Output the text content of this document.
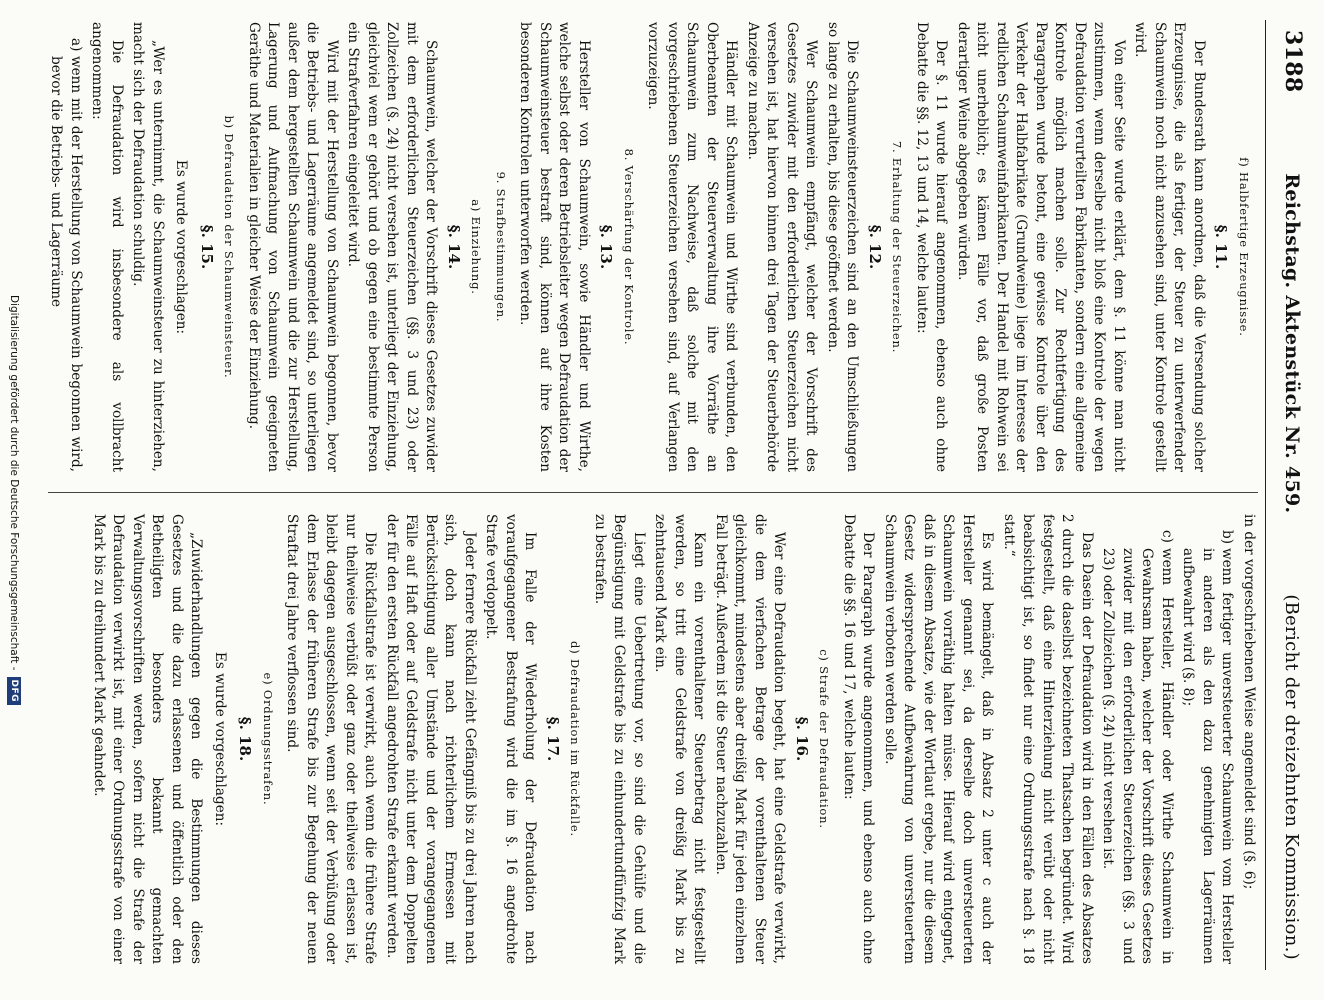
3188
Reichstag. Aktenstück Nr. 459.
(Bericht der dreizehnten Kommission.)

f) Halbfertige Erzeugnisse.

§. 11.

Der Bundesrath kann anordnen, daß die Versendung solcher Erzeugnisse, die als fertiger, der Steuer zu unterwerfender Schaumwein noch nicht anzusehen sind, unter Kontrole gestellt wird.

Von einer Seite wurde erklärt, dem §. 11 könne man nicht zustimmen, wenn derselbe nicht bloß eine Kontrole der wegen Defraudation verurteilten Fabrikanten, sondern eine allgemeine Kontrole möglich machen solle. Zur Rechtfertigung des Paragraphen wurde betont, eine gewisse Kontrole über den Verkehr der Halbfabrikate (Grundweine) liege im Interesse der redlichen Schaumweinfabrikanten. Der Handel mit Rohwein sei nicht unerheblich; es kämen Fälle vor, daß große Posten derartiger Weine abgegeben würden.

Der §. 11 wurde hierauf angenommen, ebenso auch ohne Debatte die §§. 12, 13 und 14, welche lauten:

7. Erhaltung der Steuerzeichen.

§. 12.

Die Schaumweinsteuerzeichen sind an den Umschließungen so lange zu erhalten, bis diese geöffnet werden.

Wer Schaumwein empfängt, welcher der Vorschrift des Gesetzes zuwider mit den erforderlichen Steuerzeichen nicht versehen ist, hat hiervon binnen drei Tagen der Steuerbehörde Anzeige zu machen.

Händler mit Schaumwein und Wirthe sind verbunden, den Oberbeamten der Steuerverwaltung ihre Vorräthe an Schaumwein zum Nachweise, daß solche mit den vorgeschriebenen Steuerzeichen versehen sind, auf Verlangen vorzuzeigen.

8. Verschärfung der Kontrole.

§. 13.

Hersteller von Schaumwein, sowie Händler und Wirthe, welche selbst oder deren Betriebsleiter wegen Defraudation der Schaumweinsteuer bestraft sind, können auf ihre Kosten besonderen Kontrolen unterworfen werden.

9. Strafbestimmungen.

a) Einziehung.

§. 14.

Schaumwein, welcher der Vorschrift dieses Gesetzes zuwider mit dem erforderlichen Steuerzeichen (§§. 3 und 23) oder Zollzeichen (§. 24) nicht versehen ist, unterliegt der Einziehung, gleichviel wem er gehört und ob gegen eine bestimmte Person ein Strafverfahren eingeleitet wird.

Wird mit der Herstellung von Schaumwein begonnen, bevor die Betriebs- und Lagerräume angemeldet sind, so unterliegen außer dem hergestellten Schaumwein und die zur Herstellung, Lagerung und Aufmachung von Schaumwein geeigneten Geräthe und Materialien in gleicher Weise der Einziehung.

b) Defraudation der Schaumweinsteuer.

§. 15.

Es wurde vorgeschlagen:

„Wer es unternimmt, die Schaumweinsteuer zu hinterziehen, macht sich der Defraudation schuldig.

Die Defraudation wird insbesondere als vollbracht angenommen:

a)
wenn mit der Herstellung von Schaumwein begonnen wird, bevor die Betriebs- und Lagerräume

in der vorgeschriebenen Weise angemeldet sind (§. 6);

b)
wenn fertiger unversteuerter Schaumwein vom Hersteller in anderen als den dazu genehmigten Lagerräumen aufbewahrt wird (§. 8);

c)
wenn Hersteller, Händler oder Wirthe Schaumwein in Gewahrsam haben, welcher der Vorschrift dieses Gesetzes zuwider mit den erforderlichen Steuerzeichen (§§. 3 und 23) oder Zollzeichen (§. 24) nicht versehen ist.

Das Dasein der Defraudation wird in den Fällen des Absatzes 2 durch die daselbst bezeichneten Thatsachen begründet. Wird festgestellt, daß eine Hinterziehung nicht verübt oder nicht beabsichtigt ist, so findet nur eine Ordnungsstrafe nach §. 18 statt.“

Es wird bemängelt, daß in Absatz 2 unter c auch der Hersteller genannt sei, da derselbe doch unversteuerten Schaumwein vorräthig halten müsse. Hierauf wird entgegnet, daß in diesem Absatze, wie der Wortlaut ergebe, nur die diesem Gesetz widersprechende Aufbewahrung von unversteuertem Schaumwein verboten werden solle.

Der Paragraph wurde angenommen, und ebenso auch ohne Debatte die §§. 16 und 17, welche lauten:

c) Strafe der Defraudation.

§. 16.

Wer eine Defraudation begeht, hat eine Geldstrafe verwirkt, die dem vierfachen Betrage der vorenthaltenen Steuer gleichkommt, mindestens aber dreißig Mark für jeden einzelnen Fall beträgt. Außerdem ist die Steuer nachzuzahlen.

Kann ein vorenthaltener Steuerbetrag nicht festgestellt werden, so tritt eine Geldstrafe von dreißig Mark bis zu zehntausend Mark ein.

Liegt eine Uebertretung vor, so sind die Gehülfe und die Begünstigung mit Geldstrafe bis zu einhundertundfünfzig Mark zu bestrafen.

d) Defraudation im Rückfalle.

§. 17.

Im Falle der Wiederholung der Defraudation nach voraufgegangener Bestrafung wird die im §. 16 angedrohte Strafe verdoppelt.

Jeder fernere Rückfall zieht Gefängniß bis zu drei Jahren nach sich, doch kann nach richterlichem Ermessen mit Berücksichtigung aller Umstände und der vorangegangenen Fälle auf Haft oder auf Geldstrafe nicht unter dem Doppelten der für den ersten Rückfall angedrohten Strafe erkannt werden.

Die Rückfallstrafe ist verwirkt, auch wenn die frühere Strafe nur theilweise verbüßt oder ganz oder theilweise erlassen ist, bleibt dagegen ausgeschlossen, wenn seit der Verbüßung oder dem Erlasse der früheren Strafe bis zur Begehung der neuen Straftat drei Jahre verflossen sind.

e) Ordnungsstrafen.

§. 18.

Es wurde vorgeschlagen:

„Zuwiderhandlungen gegen die Bestimmungen dieses Gesetzes und die dazu erlassenen und öffentlich oder den Betheiligten besonders bekannt gemachten Verwaltungsvorschriften werden, sofern nicht die Strafe der Defraudation verwirkt ist, mit einer Ordnungsstrafe von einer Mark bis zu dreihundert Mark geahndet.

Digitalisierung gefördert durch die Deutsche Forschungsgemeinschaft -
DFG
